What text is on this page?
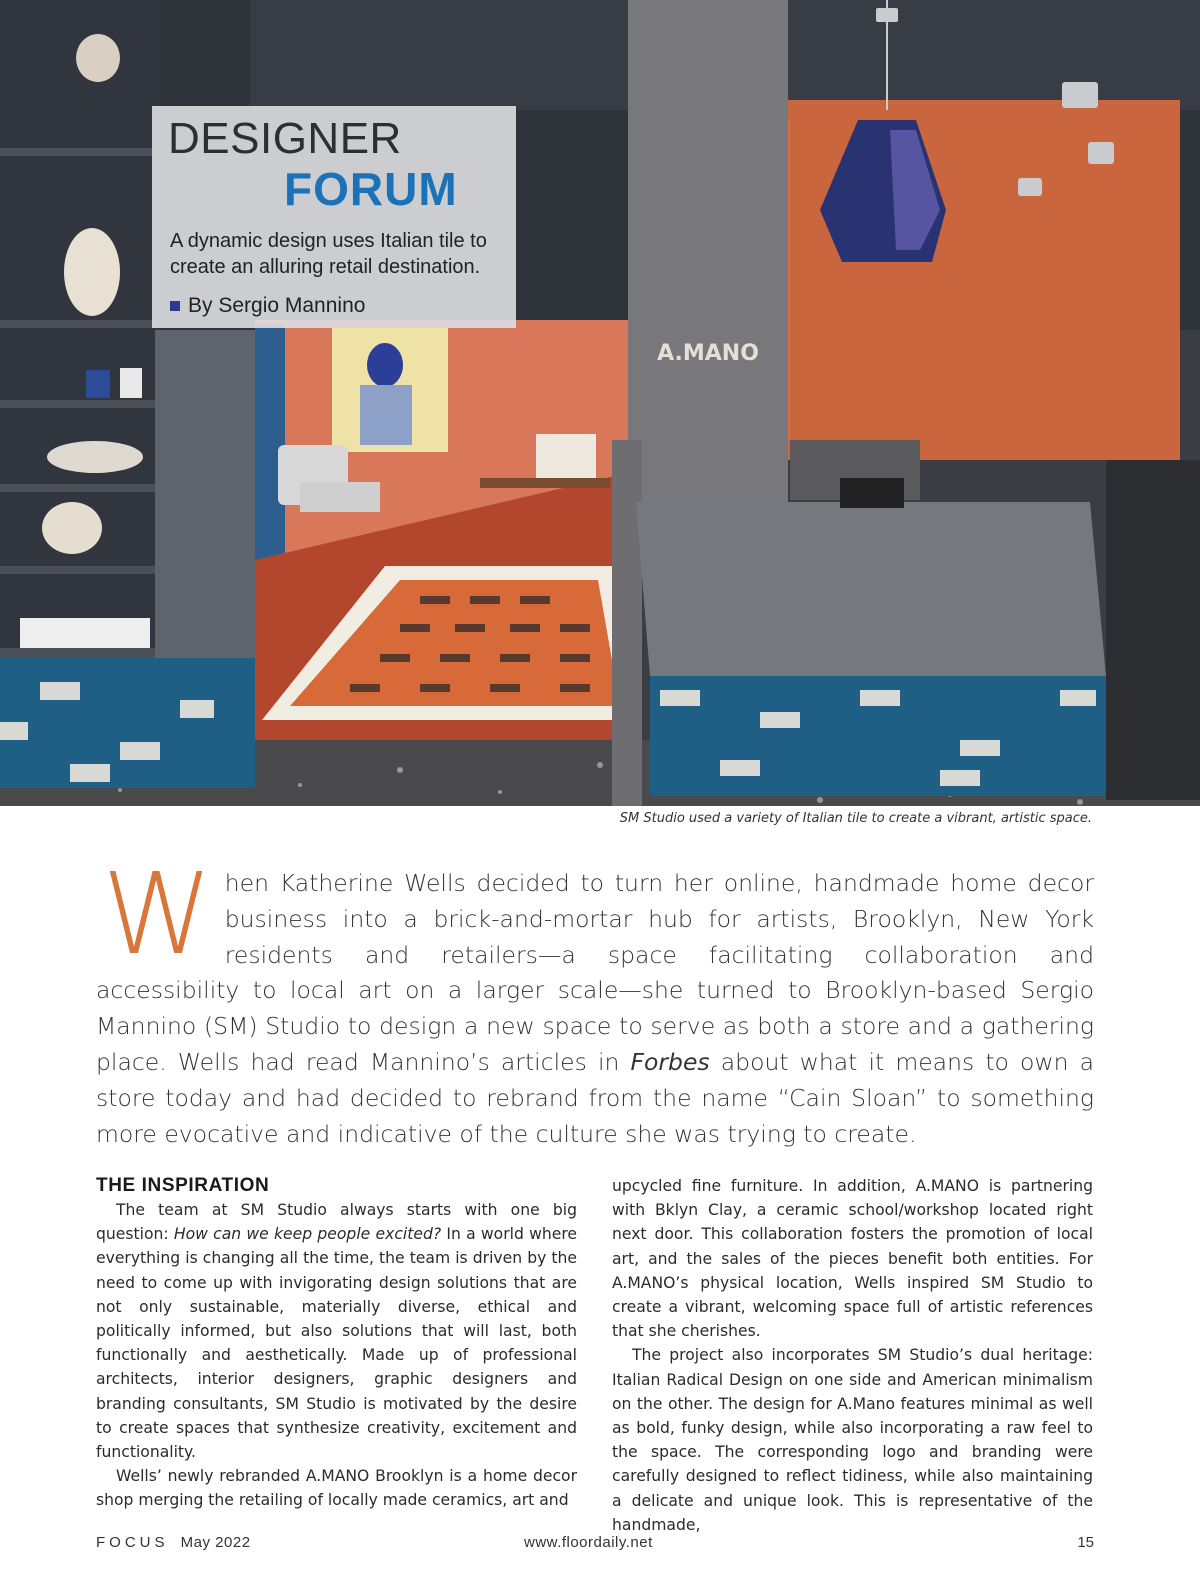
A.MANO
DESIGNER
FORUM
A dynamic design uses Italian tile to create an alluring retail destination.
By Sergio Mannino
SM Studio used a variety of Italian tile to create a vibrant, artistic space.
When Katherine Wells decided to turn her online, handmade home decor business into a brick-and-mortar hub for artists, Brooklyn, New York residents and retailers—a space facilitating collaboration and accessibility to local art on a larger scale—she turned to Brooklyn-based Sergio Mannino (SM) Studio to design a new space to serve as both a store and a gathering place. Wells had read Mannino’s articles in Forbes about what it means to own a store today and had decided to rebrand from the name “Cain Sloan” to something more evocative and indicative of the culture she was trying to create.
THE INSPIRATION

The team at SM Studio always starts with one big question: How can we keep people excited? In a world where everything is changing all the time, the team is driven by the need to come up with invigorating design solutions that are not only sustainable, materially diverse, ethical and politically informed, but also solutions that will last, both functionally and aesthetically. Made up of professional architects, interior designers, graphic designers and branding consultants, SM Studio is motivated by the desire to create spaces that synthesize creativity, excitement and functionality.

Wells’ newly rebranded A.MANO Brooklyn is a home decor shop merging the retailing of locally made ceramics, art and

upcycled fine furniture. In addition, A.MANO is partnering with Bklyn Clay, a ceramic school/workshop located right next door. This collaboration fosters the promotion of local art, and the sales of the pieces benefit both entities. For A.MANO’s physical location, Wells inspired SM Studio to create a vibrant, welcoming space full of artistic references that she cherishes.

The project also incorporates SM Studio’s dual heritage: Italian Radical Design on one side and American minimalism on the other. The design for A.Mano features minimal as well as bold, funky design, while also incorporating a raw feel to the space. The corresponding logo and branding were carefully designed to reflect tidiness, while also maintaining a delicate and unique look. This is representative of the handmade,

FOCUS May 2022	www.floordaily.net	15
